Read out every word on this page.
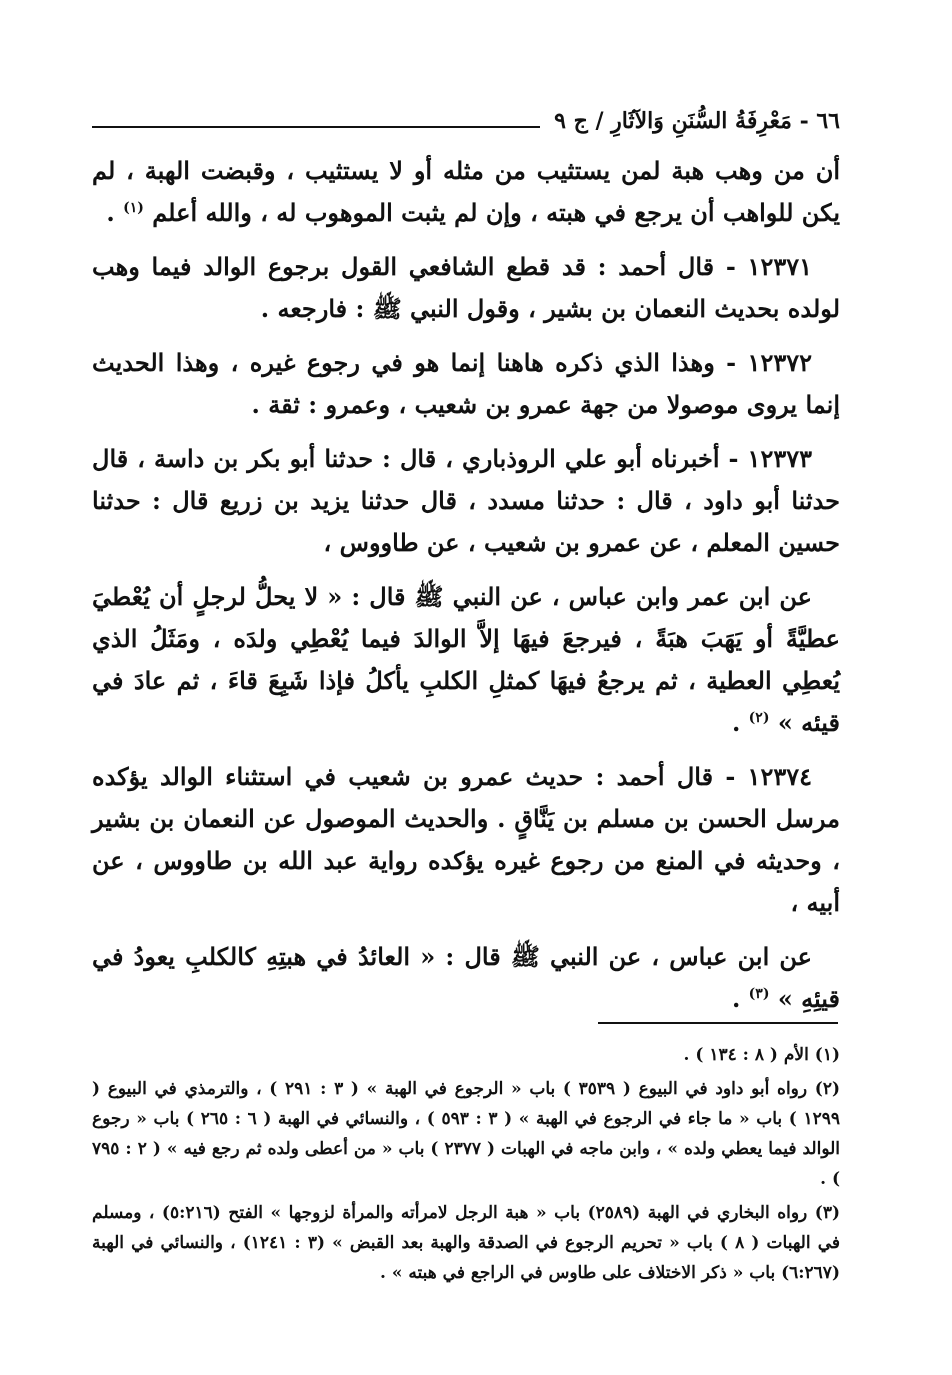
٦٦ - مَعْرِفَةُ السُّنَنِ وَالآثَارِ / ج ٩

أن من وهب هبة لمن يستثيب من مثله أو لا يستثيب ، وقبضت الهبة ، لم يكن للواهب أن يرجع في هبته ، وإن لم يثبت الموهوب له ، والله أعلم $^{(١)}$ .

١٢٣٧١ - قال أحمد : قد قطع الشافعي القول برجوع الوالد فيما وهب لولده بحديث النعمان بن بشير ، وقول النبي ﷺ : فارجعه .

١٢٣٧٢ - وهذا الذي ذكره هاهنا إنما هو في رجوع غيره ، وهذا الحديث إنما يروى موصولا من جهة عمرو بن شعيب ، وعمرو : ثقة .

١٢٣٧٣ - أخبرناه أبو علي الروذباري ، قال : حدثنا أبو بكر بن داسة ، قال حدثنا أبو داود ، قال : حدثنا مسدد ، قال حدثنا يزيد بن زريع قال : حدثنا حسين المعلم ، عن عمرو بن شعيب ، عن طاووس ،

عن ابن عمر وابن عباس ، عن النبي ﷺ قال : « لا يحلُّ لرجلٍ أن يُعْطيَ عطيَّةً أو يَهَبَ هبَةً ، فيرجعَ فيهَا إلاَّ الوالدَ فيما يُعْطِي ولدَه ، ومَثَلُ الذي يُعطِي العطية ، ثم يرجعُ فيهَا كمثلِ الكلبِ يأكلُ فإذا شَبِعَ قاءَ ، ثم عادَ في قيئه » $^{(٢)}$ .

١٢٣٧٤ - قال أحمد : حديث عمرو بن شعيب في استثناء الوالد يؤكده مرسل الحسن بن مسلم بن يَنَّاقٍ . والحديث الموصول عن النعمان بن بشير ، وحديثه في المنع من رجوع غيره يؤكده رواية عبد الله بن طاووس ، عن أبيه ،

عن ابن عباس ، عن النبي ﷺ قال : « العائدُ في هبتِهِ كالكلبِ يعودُ في قيئِهِ » $^{(٣)}$ .

(١) الأم ( ٨ : ١٣٤ ) .

(٢) رواه أبو داود في البيوع ( ٣٥٣٩ ) باب « الرجوع في الهبة » ( ٣ : ٢٩١ ) ، والترمذي في البيوع ( ١٢٩٩ ) باب « ما جاء في الرجوع في الهبة » ( ٣ : ٥٩٣ ) ، والنسائي في الهبة ( ٦ : ٢٦٥ ) باب « رجوع الوالد فيما يعطي ولده » ، وابن ماجه في الهبات ( ٢٣٧٧ ) باب « من أعطى ولده ثم رجع فيه » ( ٢ : ٧٩٥ ) .

(٣) رواه البخاري في الهبة (٢٥٨٩) باب « هبة الرجل لامرأته والمرأة لزوجها » الفتح (٥:٢١٦) ، ومسلم في الهبات ( ٨ ) باب « تحريم الرجوع في الصدقة والهبة بعد القبض » (٣ : ١٢٤١) ، والنسائي في الهبة (٦:٢٦٧) باب « ذكر الاختلاف على طاوس في الراجع في هبته » .
